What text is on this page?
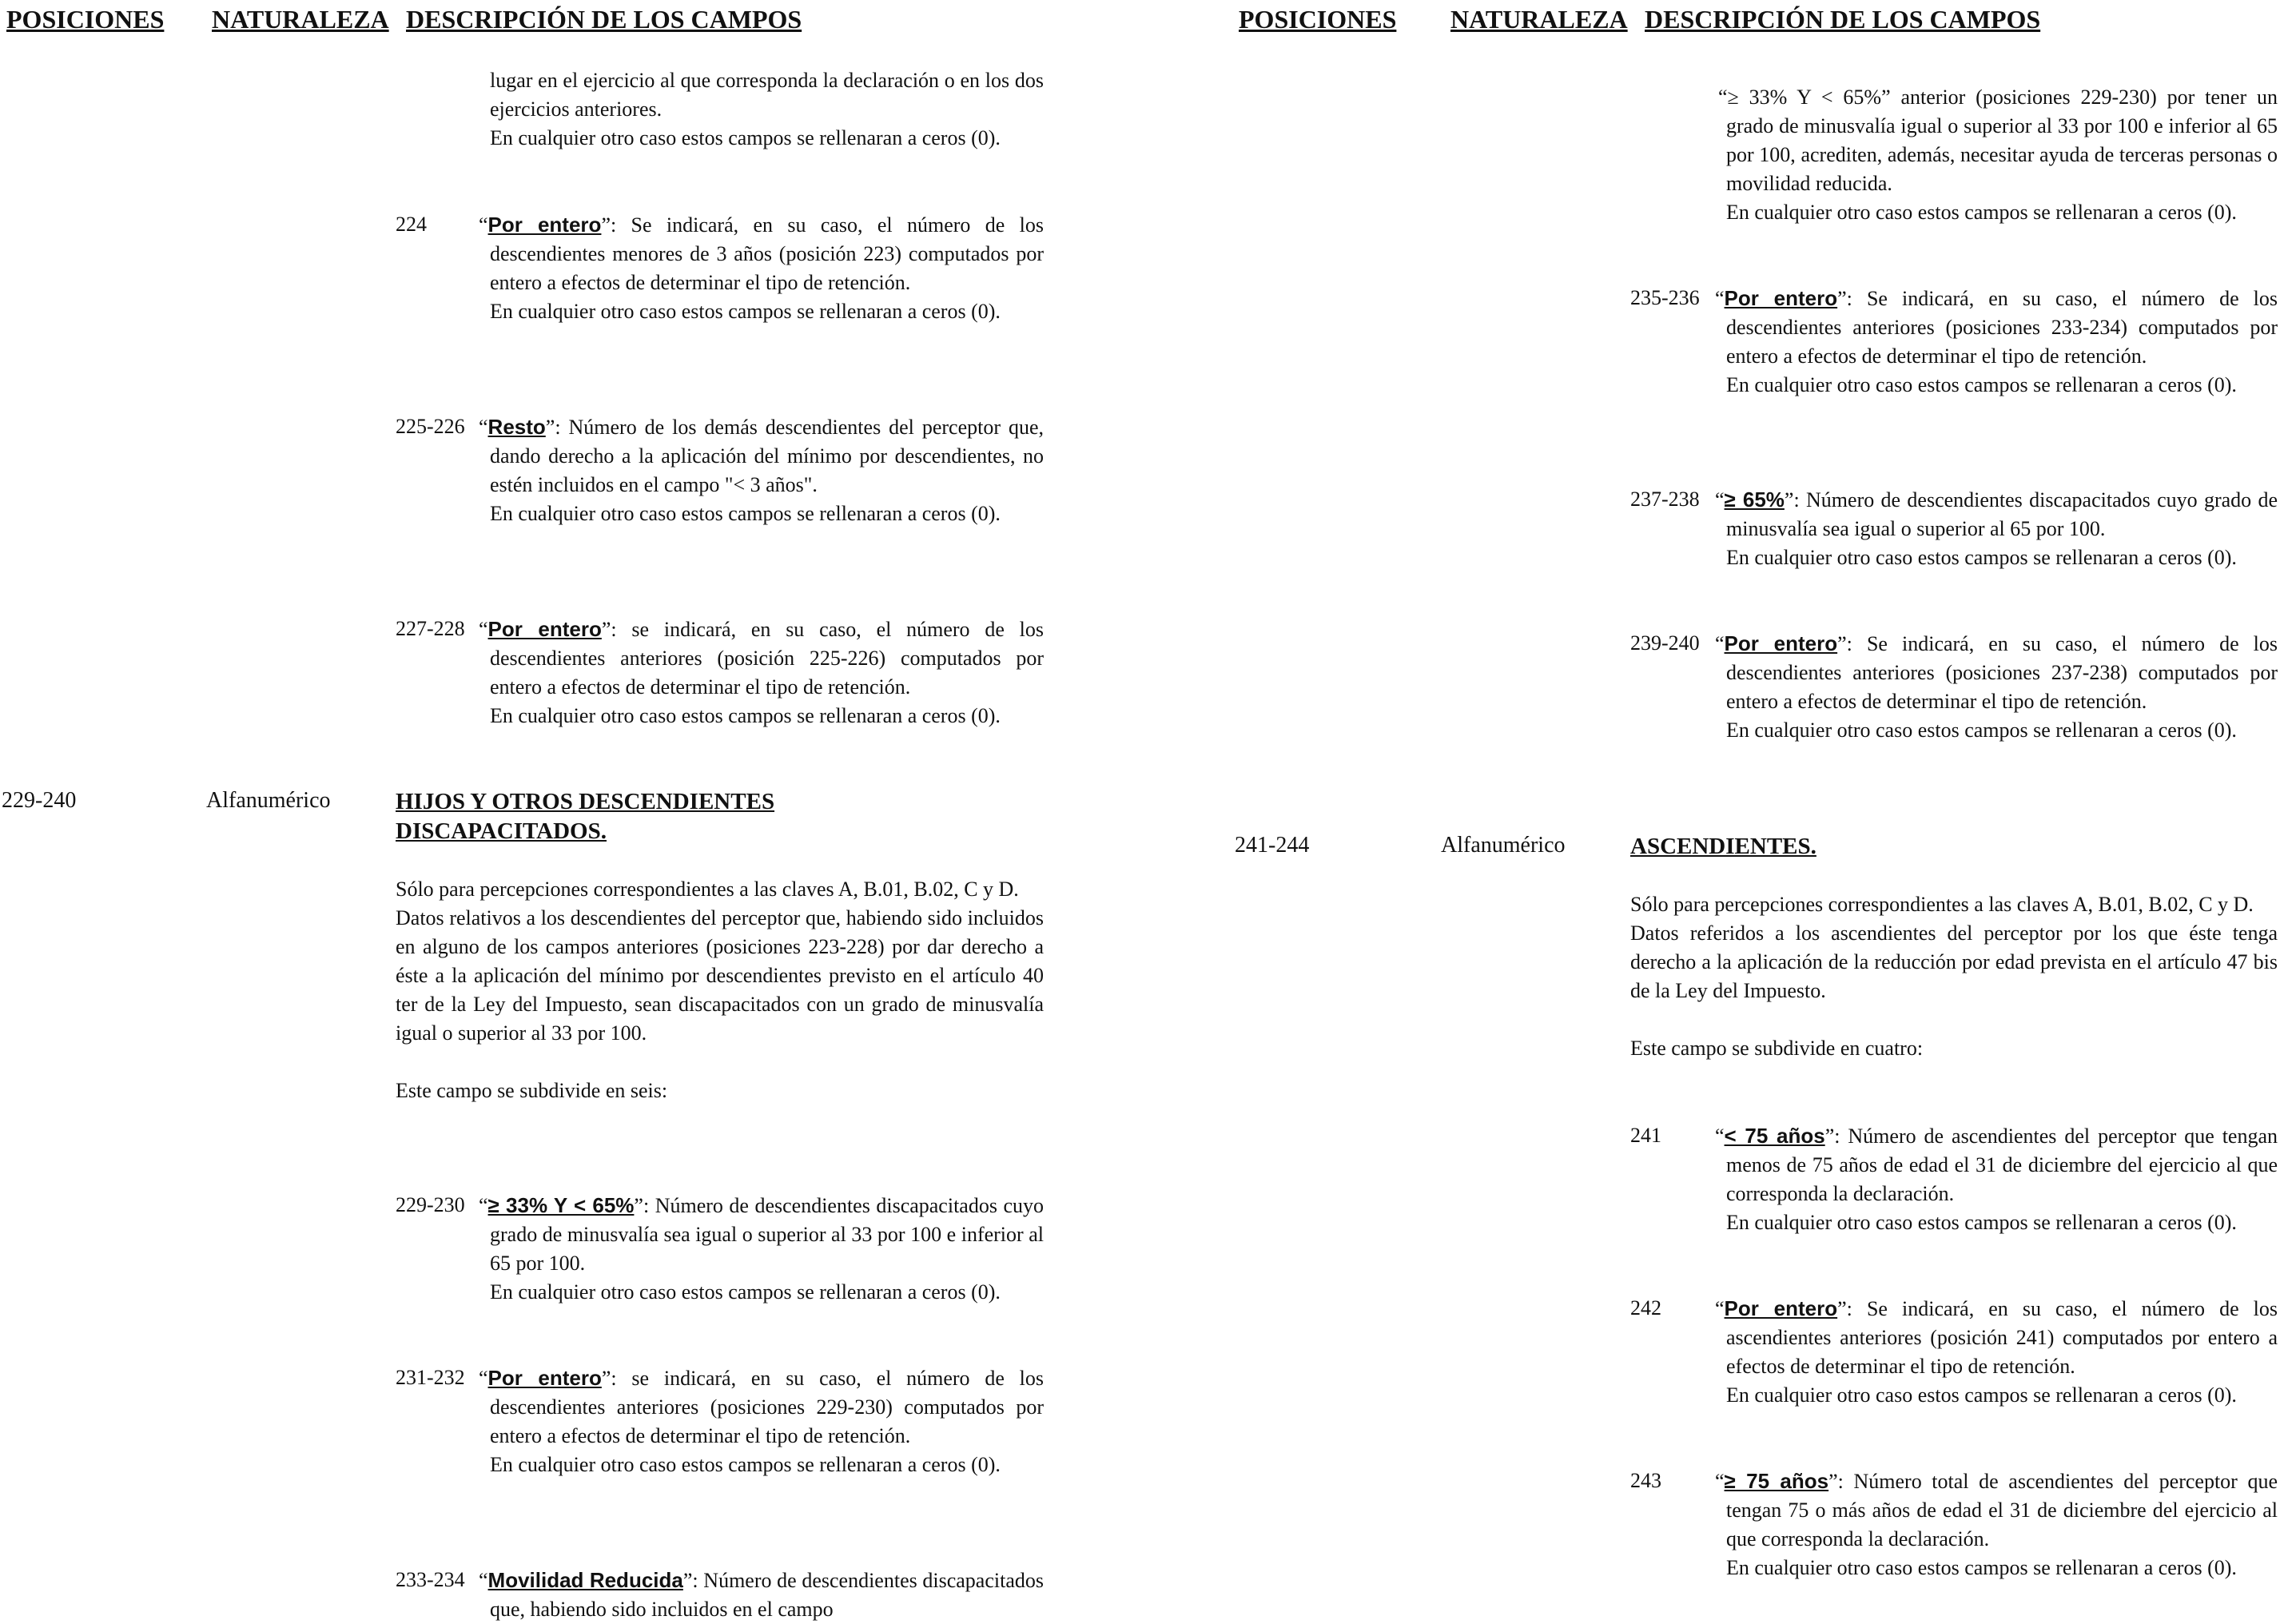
POSICIONES NATURALEZA DESCRIPCIÓN DE LOS CAMPOS

lugar en el ejercicio al que corresponda la declaración o en los dos ejercicios anteriores.

En cualquier otro caso estos campos se rellenaran a ceros (0).

224	“Por entero”: Se indicará, en su caso, el número de los descendientes menores de 3 años (posición 223) computados por entero a efectos de determinar el tipo de retención.

En cualquier otro caso estos campos se rellenaran a ceros (0).

225-226 “Resto”: Número de los demás descendientes del perceptor que, dando derecho a la aplicación del mínimo por descendientes, no estén incluidos en el campo "< 3 años".

En cualquier otro caso estos campos se rellenaran a ceros (0).

227-228 “Por entero”: se indicará, en su caso, el número de los descendientes anteriores (posición 225-226) computados por entero a efectos de determinar el tipo de retención.

En cualquier otro caso estos campos se rellenaran a ceros (0).

229-240	Alfanumérico	HIJOS Y OTROS DESCENDIENTES DISCAPACITADOS.

Sólo para percepciones correspondientes a las claves A, B.01, B.02, C y D.

Datos relativos a los descendientes del perceptor que, habiendo sido incluidos en alguno de los campos anteriores (posiciones 223-228) por dar derecho a éste a la aplicación del mínimo por descendientes previsto en el artículo 40 ter de la Ley del Impuesto, sean discapacitados con un grado de minusvalía igual o superior al 33 por 100.

Este campo se subdivide en seis:

229-230 “≥ 33% Y < 65%”: Número de descendientes discapacitados cuyo grado de minusvalía sea igual o superior al 33 por 100 e inferior al 65 por 100.

En cualquier otro caso estos campos se rellenaran a ceros (0).

231-232 “Por entero”: se indicará, en su caso, el número de los descendientes anteriores (posiciones 229-230) computados por entero a efectos de determinar el tipo de retención.

En cualquier otro caso estos campos se rellenaran a ceros (0).

233-234 “Movilidad Reducida”: Número de descendientes discapacitados que, habiendo sido incluidos en el campo

POSICIONES NATURALEZA DESCRIPCIÓN DE LOS CAMPOS

“≥ 33% Y < 65%” anterior (posiciones 229-230) por tener un grado de minusvalía igual o superior al 33 por 100 e inferior al 65 por 100, acrediten, además, necesitar ayuda de terceras personas o movilidad reducida.

En cualquier otro caso estos campos se rellenaran a ceros (0).

235-236 “Por entero”: Se indicará, en su caso, el número de los descendientes anteriores (posiciones 233-234) computados por entero a efectos de determinar el tipo de retención.

En cualquier otro caso estos campos se rellenaran a ceros (0).

237-238 “≥ 65%”: Número de descendientes discapacitados cuyo grado de minusvalía sea igual o superior al 65 por 100.

En cualquier otro caso estos campos se rellenaran a ceros (0).

239-240 “Por entero”: Se indicará, en su caso, el número de los descendientes anteriores (posiciones 237-238) computados por entero a efectos de determinar el tipo de retención.

En cualquier otro caso estos campos se rellenaran a ceros (0).

241-244	Alfanumérico	ASCENDIENTES.

Sólo para percepciones correspondientes a las claves A, B.01, B.02, C y D.

Datos referidos a los ascendientes del perceptor por los que éste tenga derecho a la aplicación de la reducción por edad prevista en el artículo 47 bis de la Ley del Impuesto.

Este campo se subdivide en cuatro:

241	“< 75 años”: Número de ascendientes del perceptor que tengan menos de 75 años de edad el 31 de diciembre del ejercicio al que corresponda la declaración.

En cualquier otro caso estos campos se rellenaran a ceros (0).

242	“Por entero”: Se indicará, en su caso, el número de los ascendientes anteriores (posición 241) computados por entero a efectos de determinar el tipo de retención.

En cualquier otro caso estos campos se rellenaran a ceros (0).

243	“≥ 75 años”: Número total de ascendientes del perceptor que tengan 75 o más años de edad el 31 de diciembre del ejercicio al que corresponda la declaración.

En cualquier otro caso estos campos se rellenaran a ceros (0).
